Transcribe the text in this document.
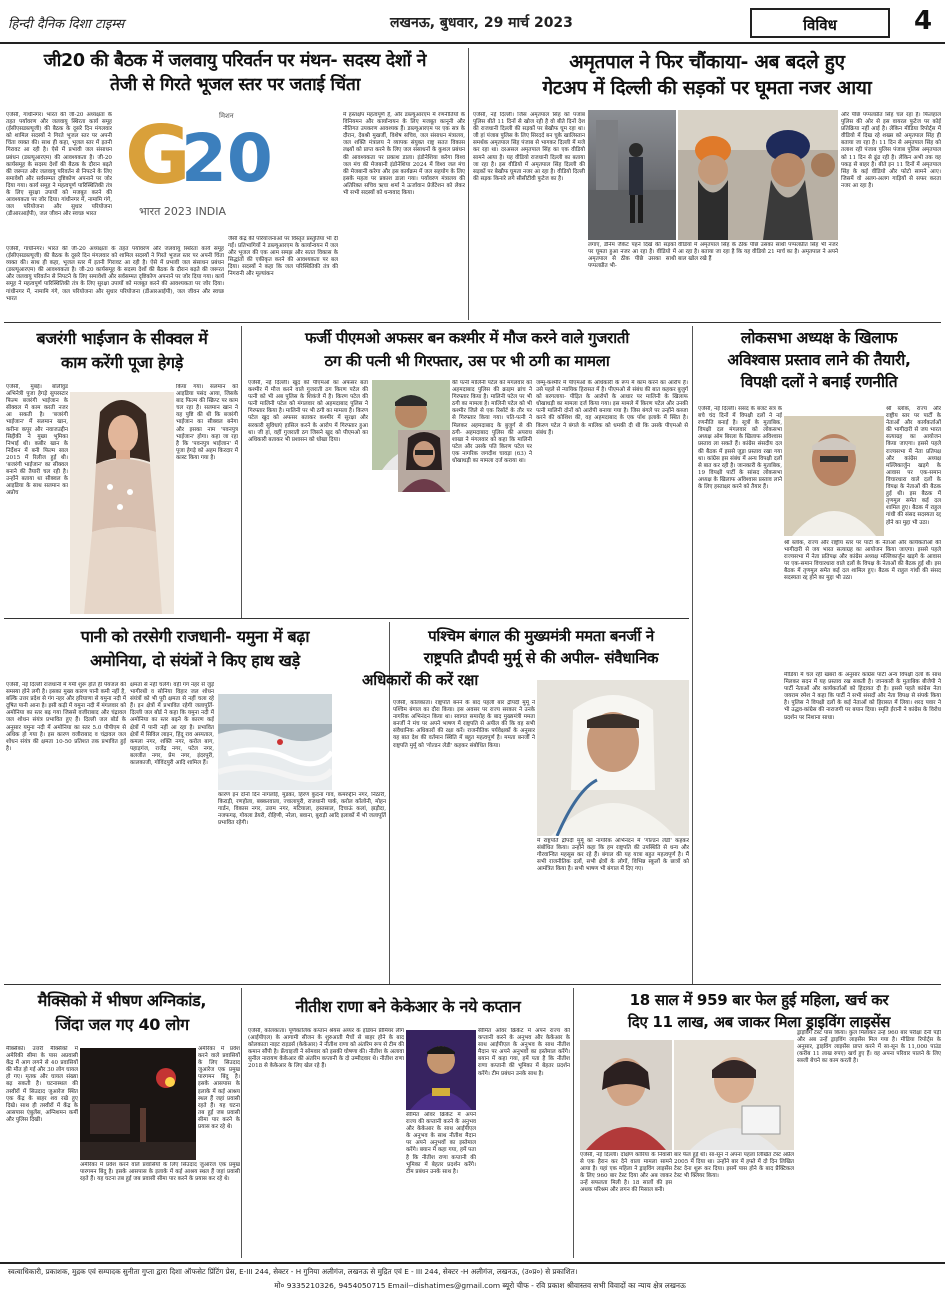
हिन्दी दैनिक दिशा टाइम्स	लखनऊ, बुधवार, 29 मार्च 2023	विविध	4
जी20 की बैठक में जलवायु परिवर्तन पर मंथन- सदस्य देशों ने
तेजी से गिरते भूजल स्तर पर जताई चिंता
एजेंसी, गांधीनगर। भारत की जी-20 अध्यक्षता के तहत पर्यावरण और जलवायु स्थिरता कार्य समूह (ईसीएसडब्ल्यूजी) की बैठक के दूसरे दिन मंगलवार को शामिल सदस्यों ने गिरते भूजल स्तर पर अपनी चिंता व्यक्त की। साथ ही कहा, भूजल स्तर में इतनी गिरावट आ रही है। ऐसे में प्रभावी जल संसाधन प्रबंधन (डब्ल्यूआरएम) की आवश्यकता है। जी-20 कार्यसमूह के सदस्य देशों की बैठक के दौरान बढ़ते की जरूरत और जलवायु परिवर्तन से निपटने के लिए समावेशी और सर्वसम्मत दृष्टिकोण अपनाने पर जोर दिया गया। कार्य समूह ने महत्वपूर्ण पारिस्थितिकी तंत्र के लिए सुरक्षा उपायों को मजबूत करने की आवश्यकता पर जोर दिया। गांधीनगर में, नामामि गंगे, जल परियोजना और सुधार परियोजना (डीआरआईपी), जल जीवन और स्वच्छ भारत
मिशन
G
20
भारत 2023 INDIA
एजेंसी, गांधीनगर। भारत की जी-20 अध्यक्षता के तहत पर्यावरण और जलवायु स्थिरता कार्य समूह (ईसीएसडब्ल्यूजी) की बैठक के दूसरे दिन मंगलवार को शामिल सदस्यों ने गिरते भूजल स्तर पर अपनी चिंता व्यक्त की। साथ ही कहा, भूजल स्तर में इतनी गिरावट आ रही है। ऐसे में प्रभावी जल संसाधन प्रबंधन (डब्ल्यूआरएम) की आवश्यकता है। जी-20 कार्यसमूह के सदस्य देशों की बैठक के दौरान बढ़ते की जरूरत और जलवायु परिवर्तन से निपटने के लिए समावेशी और सर्वसम्मत दृष्टिकोण अपनाने पर जोर दिया गया। कार्य समूह ने महत्वपूर्ण पारिस्थितिकी तंत्र के लिए सुरक्षा उपायों को मजबूत करने की आवश्यकता पर जोर दिया। गांधीनगर में, नामामि गंगे, जल परियोजना और सुधार परियोजना (डीआरआईपी), जल जीवन और स्वच्छ भारत
जैसी केंद्र की परियोजनाओं पर विस्तृत प्रस्तुतियां भी दी गईं। प्रतिभागियों ने डब्ल्यूआरएम के कार्यान्वयन में जल और भूजल की एक आम समझ और सतत विकास के सिद्धांतों की एकीकृत करने की आवश्यकता पर बल दिया। सदस्यों ने कहा कि जल परिस्थितिकी तंत्र की निगरानी और मूल्यांकन
में हस्तक्षेप महत्वपूर्ण हैं, और डब्ल्यूआरएम में रणनीतियों के विनियमन और कार्यान्वयन के लिए मजबूत कानूनी और नीतिगत उपकरण आवश्यक हैं। डब्ल्यूआरएम पर एक सत्र के दौरान, देबश्री मुखर्जी, विशेष सचिव, जल संसाधन मंत्रालय, जल शक्ति मंत्रालय ने व्यापक संयुक्त राष्ट्र सतत विकास लक्ष्यों को प्राप्त करने के लिए जल संसाधनों के कुशल प्रबंधन की आवश्यकता पर प्रकाश डाला। इंडोनेशिया करेगा विश्व जल मंच की मेजबानी इंडोनेशिया 2024 में विश्व जल मंच की मेजबानी करेगा और इस कार्यक्रम में जल सहयोग के लिए इसके महत्व पर प्रकाश डाला गया। पर्यावरण मंत्रालय की अतिरिक्त सचिव ऋचा शर्मा ने ऊर्जावान प्रेजेंटेशन को लेकर भी सभी सदस्यों को धन्यवाद किया।
अमृतपाल ने फिर चौंकाया- अब बदले हुए
गेटअप में दिल्ली की सड़कों पर घूमता नजर आया
एजेंसी, नई दिल्ली। जिस अमृतपाल सिंह को पंजाब पुलिस बीते 11 दिनों से खोज रही है वो बीते दिनों देश की राजधानी दिल्ली की सड़कों पर बेखौफ घूम रहा था। जी हां पंजाब पुलिस के लिए सिरदर्द बन चुके खालिस्तान समर्थक अमृतपाल सिंह पंजाब से भागकर दिल्ली में मजे कर रहा था। दरअसल अमृतपाल सिंह का एक वीडियो सामने आया है। यह वीडियो राजधानी दिल्ली का बताया जा रहा है। इस वीडियो में अमृतपाल सिंह दिल्ली की सड़कों पर बेखौफ घूमता नजर आ रहा है। वीडियो दिल्ली की सड़क किनारे लगे सीसीटीवी फुटेज का है।
लगाए, डेनिम जैकेट पहने दिखें की सड़कों पर घूमता हुआ नजर आ रहा है। वीडियो में अमृतपाल से ठीक पीछे उसका साथी पप्पलप्रीत भी-
वीडियो में अमृतपाल सिंह के ठीक पीछे उसका साथी पप्पलप्रीत सिंह भी नजर आ रहा है। बताया जा रहा है कि यह वीडियो 21 मार्च का है। अमृतपाल ने अपने बाल खोल रखे हैं
और पीछे पप्पलप्रीत सिंह चल रहा है। फिलहाल पुलिस की ओर से इस वायरल फुटेज पर कोई प्रतिक्रिया नहीं आई है। लेकिन मीडिया रिपोर्ट्स में वीडियो में दिख रहे शख्स को अमृतपाल सिंह ही बताया जा रहा है। 11 दिन से अमृतपाल सिंह को तलाश रही पंजाब पुलिस पंजाब पुलिस अमृतपाल को 11 दिन से ढूंढ रही है। लेकिन अभी तक वह पकड़ से बाहर है। बीते इन 11 दिनों में अमृतपाल सिंह के कई वीडियो और फोटो सामने आए। जिसमें वो अलग-अलग गाड़ियों से सफर करता नजर आ रहा है।
बजरंगी भाईजान के सीक्वल में
काम करेंगी पूजा हेगड़े
एजेंसी, मुंबई। बॉलीवुड अभिनेत्री पूजा हेगड़े सुपरस्टार फिल्म बजरंगी भाईजान के सीक्वल में काम करती नजर आ सकती है। 'बजरंगी भाईजान' में सलमान खान, करीना कपूर और नवाजउद्दीन सिद्दीकी ने मुख्य भूमिका निभाई थी। कबीर खान के निर्देशन में बनी फिल्म साल 2015 में रिलीज हुई थी। 'बजरंगी भाईजान' का सीक्वल बनाने की तैयारी चल रही है। उन्होंने बताया था सीक्वल के आइडिया के साथ सलमान का अप्रोच
किया गया। सलमान को आइडिया पसंद आया, जिसके बाद फिल्म की स्क्रिप्ट पर काम चल रहा है। सलमान खान ने यह पुष्टि की थी कि बजरंगी भाईजान का सीक्वल बनेगा और इसका नाम 'पवनपुत्र भाईजान' होगा। कहा जा रहा है कि 'पवनपुत्र भाईजान' में पूजा हेगड़े को अहम किरदार में कास्ट किया गया है।
फर्जी पीएमओ अफसर बन कश्मीर में मौज करने वाले गुजराती
ठग की पत्नी भी गिरफ्तार, उस पर भी ठगी का मामला
एजेंसी, नई दिल्ली। खुद को पीएमओ का अफसर बता कश्मीर में मौज करने वाले गुजराती ठग किरण पटेल की पत्नी को भी अब पुलिस के शिकंजे में है। किरण पटेल की पत्नी मालिनी पटेल को मंगलवार को अहमदाबाद पुलिस ने गिरफ्तार किया है। मालिनी पर भी ठगी का मामला है। किरण पटेल खुद को अफसर बताकर कश्मीर में सुरक्षा और सरकारी सुविधाएं हासिल करने के आरोप में गिरफ्तार हुआ था। जी हां, वहीं गुजराती ठग जिसने खुद को पीएमओ का अधिकारी बताकर भी प्रशासन को धोखा दिया।
की पत्नी मालिनी पटेल को मंगलवार को अहमदाबाद पुलिस की क्राइम ब्रांच ने गिरफ्तार किया है। मालिनी पटेल पर भी ठगी का मामला है। मालिनी पटेल को भी कश्मीर जिले से एक रिसॉर्ट के तौर पर से गिरफ्तार किया गया। पति-पत्नी ने मिलकर अहमदाबाद के बुजुर्ग से की ठगी- अहमदाबाद पुलिस की अपराध शाखा ने मंगलवार को कहा कि मालिनी पटेल और उसके पति किरण पटेल पर एक नागरिक जगदीश चावड़ा (63) ने धोखाधड़ी का मामला दर्ज कराया था।
जम्मू-कश्मीर में पीएमओ के अधिकारी के रूप में काम करने का आरोप है। उसे पहले से न्यायिक हिरासत में है। पीएमओ से संबंध की बात कहकर बुजुर्ग को बरगलाया- पीड़ित के आरोपों के आधार पर मालिनी के खिलाफ धोखाधड़ी का मामला दर्ज किया गया। इस मामले में किरण पटेल और उनकी पत्नी मालिनी दोनों को आरोपी बनाया गया है। जिस बंगले पर उन्होंने कब्जा करने की कोशिश की, वह अहमदाबाद के एक पॉश इलाके में स्थित है। किरण पटेल ने बंगले के मालिक को धमकी दी थी कि उसके पीएमओ से संबंध हैं।
लोकसभा अध्यक्ष के खिलाफ
अविश्वास प्रस्ताव लाने की तैयारी,
विपक्षी दलों ने बनाई रणनीति
एजेंसी, नई दिल्ली। संसद के बजट सत्र के बचे चंद दिनों में विपक्षी दलों ने नई रणनीति बनाई है। सूत्रों के मुताबिक, विपक्षी दल मंगलवार को लोकसभा अध्यक्ष ओम बिरला के खिलाफ अविश्वास प्रस्ताव ला सकते हैं। कांग्रेस संसदीय दल की बैठक में इससे जुड़ा प्रस्ताव रखा गया था। कांग्रेस इस संबंध में अन्य विपक्षी दलों से बात कर रही है। जानकारी के मुताबिक, 19 विपक्षी पार्टी के सांसद लोकसभा अध्यक्ष के खिलाफ अविश्वास प्रस्ताव लाने के लिए हस्ताक्षर करने को तैयार हैं।
श्री ब्लॉक, राज्य और राष्ट्रीय स्तर पर पार्टी के नेताओं और कार्यकर्ताओं की भागीदारी से जय भारत सत्याग्रह का आयोजन किया जाएगा। इससे पहले राज्यसभा में नेता प्रतिपक्ष और कांग्रेस अध्यक्ष मल्लिकार्जुन खड़गे के आवास पर एक-समान विचारधारा वाले दलों के विपक्ष के नेताओं की बैठक हुई थी। इस बैठक में तृणमूल समेत कई दल शामिल हुए। बैठक में राहुल गांधी की संसद सदस्यता रद्द होने का मुद्दा भी उठा।
श्री ब्लॉक, राज्य और राष्ट्रीय स्तर पर पार्टी के नेताओं और कार्यकर्ताओं की भागीदारी से जय भारत सत्याग्रह का आयोजन किया जाएगा। इससे पहले राज्यसभा में नेता प्रतिपक्ष और कांग्रेस अध्यक्ष मल्लिकार्जुन खड़गे के आवास पर एक-समान विचारधारा वाले दलों के विपक्ष के नेताओं की बैठक हुई थी। इस बैठक में तृणमूल समेत कई दल शामिल हुए। बैठक में राहुल गांधी की संसद सदस्यता रद्द होने का मुद्दा भी उठा।
मीडिया में चल रही खबरों के अनुसार कांग्रेस पार्टी अन्य विपक्षी दलों के साथ मिलकर सदन में यह प्रस्ताव रख सकती है। जानकारी के मुताबिक बीजेपी ने पार्टी नेताओं और कार्यकर्ताओं को हिदायत दी है। इससे पहले कांग्रेस नेता जयराम रमेश ने कहा कि पार्टी ने सभी संसदों और नेता विपक्ष से संपर्क किया है। पुलिस ने विपक्षी दलों के कई नेताओं को हिरासत में लिया। शरद पवार ने भी उद्धव-कांग्रेस की नाराजगी पर बयान दिया। स्मृति ईरानी ने कांग्रेस के विरोध प्रदर्शन पर निशाना साधा।
पानी को तरसेगी राजधानी- यमुना में बढ़ा
अमोनिया, दो संयंत्रों ने किए हाथ खड़े
एजेंसी, नई दिल्ली राजधानी में गर्मी शुरू होते ही पेयजल की समस्या होने लगी है। इसका मुख्य कारण पानी कमी नहीं है, बल्कि उत्तर प्रदेश से गंग नहर और हरियाणा से यमुना नदी में दूषित पानी आना है। इसी कड़ी में यमुना नदी में मंगलवार को अमोनिया का स्तर बढ़ गया जिससे वजीराबाद और चंद्रावल जल शोधन संयंत्र प्रभावित हुए हैं। दिल्ली जल बोर्ड के अनुसार यमुना नदी में अमोनिया का स्तर 5.0 पीपीएम से अधिक हो गया है। इस कारण वजीराबाद व चंद्रावल जल शोधन संयंत्र की क्षमता 10-50 प्रतिशत तक प्रभावित हुई है।
क्षमता से नहीं चलेंगे। वहीं गंग नहर से जुड़े भागीरथी व सोनिया विहार जल शोधन संयंत्रों को भी पूरी क्षमता से नहीं चला रहे हैं। इन क्षेत्रों में प्रभावित रहेगी जलापूर्ति- दिल्ली जल बोर्ड ने कहा कि यमुना नदी में अमोनिया का स्तर बढ़ने के कारण कई क्षेत्रों में पानी नहीं आ रहा है। प्रभावित क्षेत्रों में सिविल लाइन, हिंदू राव अस्पताल, कमला नगर, शक्ति नगर, करोल बाग, पहाड़गंज, राजेंद्र नगर, पटेल नगर, बलजीत नगर, प्रेम नगर, इंदरपुरी, कालकाजी, गोविंदपुरी आदि शामिल हैं।
कारण इन दोनों दिन नांगलोई, मुंडका, हिरण कुदना गांव, कमरुद्दीन नगर, निठारी, किराड़ी, रणहोला, बक्करवाला, ज्वालापुरी, राजधानी पार्क, करोल कॉलोनी, मोहन गार्डन, विकास नगर, उत्तम नगर, मटियाला, हस्तसाल, दिचाऊं कलां, झड़ौदा, नजफगढ़, गोयला डेयरी, रोहिणी, नरेला, बवाना, बुराड़ी आदि इलाकों में भी जलापूर्ति प्रभावित रहेगी।
पश्चिम बंगाल की मुख्यमंत्री ममता बनर्जी ने
राष्ट्रपति द्रौपदी मुर्मू से की अपील- संवैधानिक
अधिकारों की करें रक्षा
एजेंसी, कोलकाता। राष्ट्रपति बनने के बाद पहली बार द्रौपदी मुर्मू ने पश्चिम बंगाल का दौरा किया। इस अवसर पर राज्य सरकार ने उनके नागरिक अभिनंदन किया था। स्वागत समारोह के बाद मुख्यमंत्री ममता बनर्जी ने मंच पर अपने भाषण में राष्ट्रपति से अपील की कि वह सभी संवैधानिक अधिकारों की रक्षा करें। राजनीतिक पर्यवेक्षकों के अनुसार यह बात देश की वर्तमान स्थिति में बहुत महत्वपूर्ण है। ममता बनर्जी ने राष्ट्रपति मुर्मू को 'गोल्डन लेडी' कहकर संबोधित किया।
में राष्ट्रपति द्रौपदी मुर्मू को नागरिक अभिनंदन में 'गोल्डन लेडी' कहकर संबोधित किया। उन्होंने कहा कि हम राष्ट्रपति की उपस्थिति से धन्य और गौरवान्वित महसूस कर रहे हैं। बंगाल की यह यात्रा बहुत महत्वपूर्ण है। मैं सभी राजनीतिक दलों, सभी क्षेत्रों के लोगों, विभिन्न स्कूलों के छात्रों को आमंत्रित किया है। सभी भाषण भी बंगाल में दिए गए।
मैक्सिको में भीषण अग्निकांड,
जिंदा जल गए 40 लोग
मैक्सिको। उत्तरी मैक्सिको में अमेरिकी सीमा के पास अप्रवासी केंद्र में आग लगने से 40 प्रवासियों की मौत हो गई और 30 लोग घायल हो गए। मृतक और घायल संख्या बढ़ सकती है। घटनास्थल की तस्वीरों में सिउदाद जुआरेज स्थित एक केंद्र के बाहर शव रखे हुए दिखे। साथ ही तस्वीरों में केंद्र के आसपास एंबुलेंस, अग्निशमन कर्मी और पुलिस दिखी।
अमेरिका में प्रवेश करने वाले प्रवासियों के लिए सिउदाद जुआरेज एक प्रमुख पारगमन बिंदु है। इसके आसपास के इलाके में कई आश्रय स्थल हैं जहां प्रवासी रहते हैं। यह घटना तब हुई जब प्रवासी सीमा पार करने के प्रयास कर रहे थे।
अमेरिका में प्रवेश करने वाले प्रवासियों के लिए सिउदाद जुआरेज एक प्रमुख पारगमन बिंदु है। इसके आसपास के इलाके में कई आश्रय स्थल हैं जहां प्रवासी रहते हैं। यह घटना तब हुई जब प्रवासी सीमा पार करने के प्रयास कर रहे थे।
नीतीश राणा बने केकेआर के नये कप्तान
एजेंसी, कोलकाता। पूर्णकालिक कप्तान श्रेयस अय्यर के इंडियन प्रीमियर लीग (आईपीएल) के आगामी सीजन के शुरुआती मैचों से बाहर होने के बाद कोलकाता नाइट राइडर्स (केकेआर) ने नीतीश राणा को अंतरिम रूप से टीम की कमान सौंपी है। फ्रेंचाइजी ने सोमवार को इसकी घोषणा की। नीतीश के अलावा सुनील नारायण केकेआर की अंतरिम कप्तानी के दो उम्मीदवार थे। नीतीश राणा 2018 से केकेआर के लिए खेल रहे हैं।
सीमित ओवर क्रिकेट में अपने राज्य की कप्तानी करने के अनुभव और केकेआर के साथ आईपीएल के अनुभव के साथ नीतीश मैदान पर अपने अनुभवों का इस्तेमाल करेंगे। बयान में कहा गया, हमें पता है कि नीतीश राणा कप्तानी की भूमिका में बेहतर प्रदर्शन करेंगे। टीम प्रबंधन उनके साथ है।
सीमित ओवर क्रिकेट में अपने राज्य की कप्तानी करने के अनुभव और केकेआर के साथ आईपीएल के अनुभव के साथ नीतीश मैदान पर अपने अनुभवों का इस्तेमाल करेंगे। बयान में कहा गया, हमें पता है कि नीतीश राणा कप्तानी की भूमिका में बेहतर प्रदर्शन करेंगे। टीम प्रबंधन उनके साथ है।
18 साल में 959 बार फेल हुई महिला, खर्च कर
दिए 11 लाख, अब जाकर मिला ड्राइविंग लाइसेंस
एजेंसी, नई दिल्ली। दक्षिण कोरिया के निवासी से एक हैरान कर देने वाला मामला सामने आया है। यहां एक महिला ने ड्राइविंग लाइसेंस के लिए 960 बार टेस्ट दिया और अब जाकर उन्हें सफलता मिली है। 18 सालों की इस अथक परिश्रम और लगन की मिसाल बनी।
बार फेल हुई थी। सा-सून ने अपना पहला लिखित टेस्ट अप्रैल 2005 में दिया था। उन्होंने बार में हफ्ते में दो दिन लिखित टेस्ट देना शुरू कर दिया। इसमें पास होने के बाद प्रैक्टिकल टेस्ट भी क्लियर किया।
ड्राइविंग टेस्ट पास किया। कुल मिलाकर उन्हें 960 बार परीक्षा देनी पड़ी और अब उन्हें ड्राइविंग लाइसेंस मिल गया है। मीडिया रिपोर्ट्स के अनुसार, ड्राइविंग लाइसेंस प्राप्त करने में सा-सून के 11,000 पाउंड (करीब 11 लाख रुपए) खर्च हुए हैं। वह अपना परिवार पालने के लिए सब्जी बेचने का काम करती है।
स्वत्वाधिकारी, प्रकाशक, मुद्रक एवं सम्पादक सुनीता गुप्ता द्वारा दिशा ऑफसेट प्रिंटिंग प्रेस, E-III 244, सेक्टर - H गुनिया अलीगंज, लखनऊ से मुद्रित एवं E - III 244, सेक्टर -H अलीगंज, लखनऊ, (उ०प्र०) से प्रकाशित।
मो० 9335210326, 9454050715 Email--dishatimes@gmail.com ब्यूरो चीफ - रवि प्रकाश श्रीवास्तव सभी विवादों का न्याय क्षेत्र लखनऊ
